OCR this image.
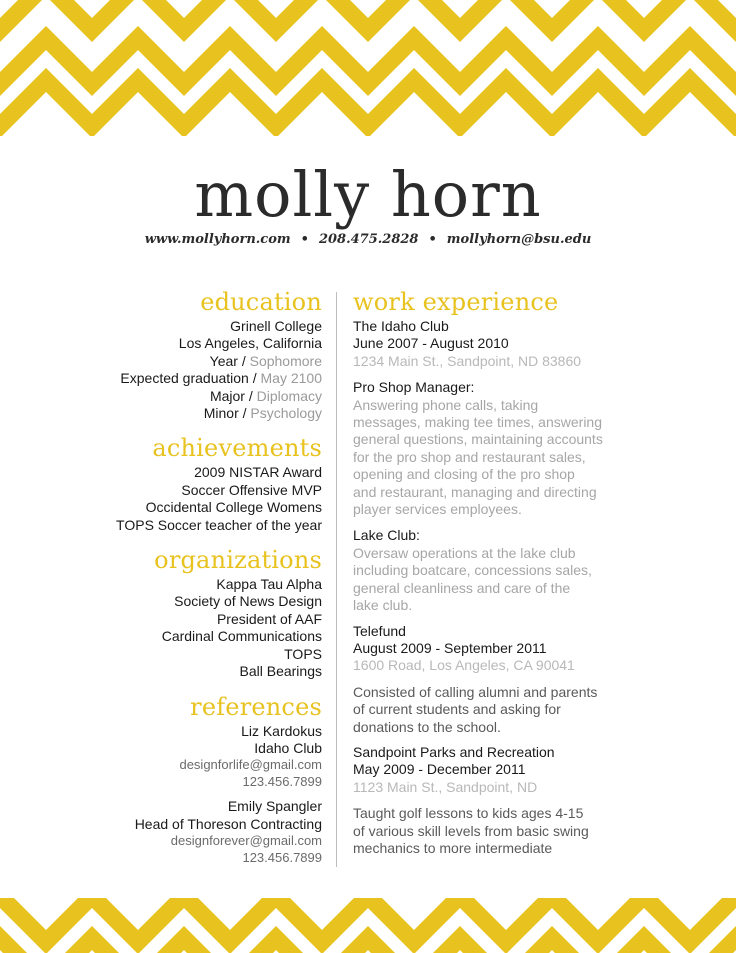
molly horn
www.mollyhorn.com • 208.475.2828 • mollyhorn@bsu.edu
education
Grinell College
Los Angeles, California
Year / Sophomore
Expected graduation / May 2100
Major / Diplomacy
Minor / Psychology
achievements
2009 NISTAR Award
Soccer Offensive MVP
Occidental College Womens
TOPS Soccer teacher of the year
organizations
Kappa Tau Alpha
Society of News Design
President of AAF
Cardinal Communications
TOPS
Ball Bearings
references
Liz Kardokus
Idaho Club
designforlife@gmail.com
123.456.7899
Emily Spangler
Head of Thoreson Contracting
designforever@gmail.com
123.456.7899
work experience
The Idaho Club
June 2007 - August 2010
1234 Main St., Sandpoint, ND 83860
Pro Shop Manager:
Answering phone calls, taking
messages, making tee times, answering
general questions, maintaining accounts
for the pro shop and restaurant sales,
opening and closing of the pro shop
and restaurant, managing and directing
player services employees.
Lake Club:
Oversaw operations at the lake club
including boatcare, concessions sales,
general cleanliness and care of the
lake club.
Telefund
August 2009 - September 2011
1600 Road, Los Angeles, CA 90041
Consisted of calling alumni and parents
of current students and asking for
donations to the school.
Sandpoint Parks and Recreation
May 2009 - December 2011
1123 Main St., Sandpoint, ND
Taught golf lessons to kids ages 4-15
of various skill levels from basic swing
mechanics to more intermediate
